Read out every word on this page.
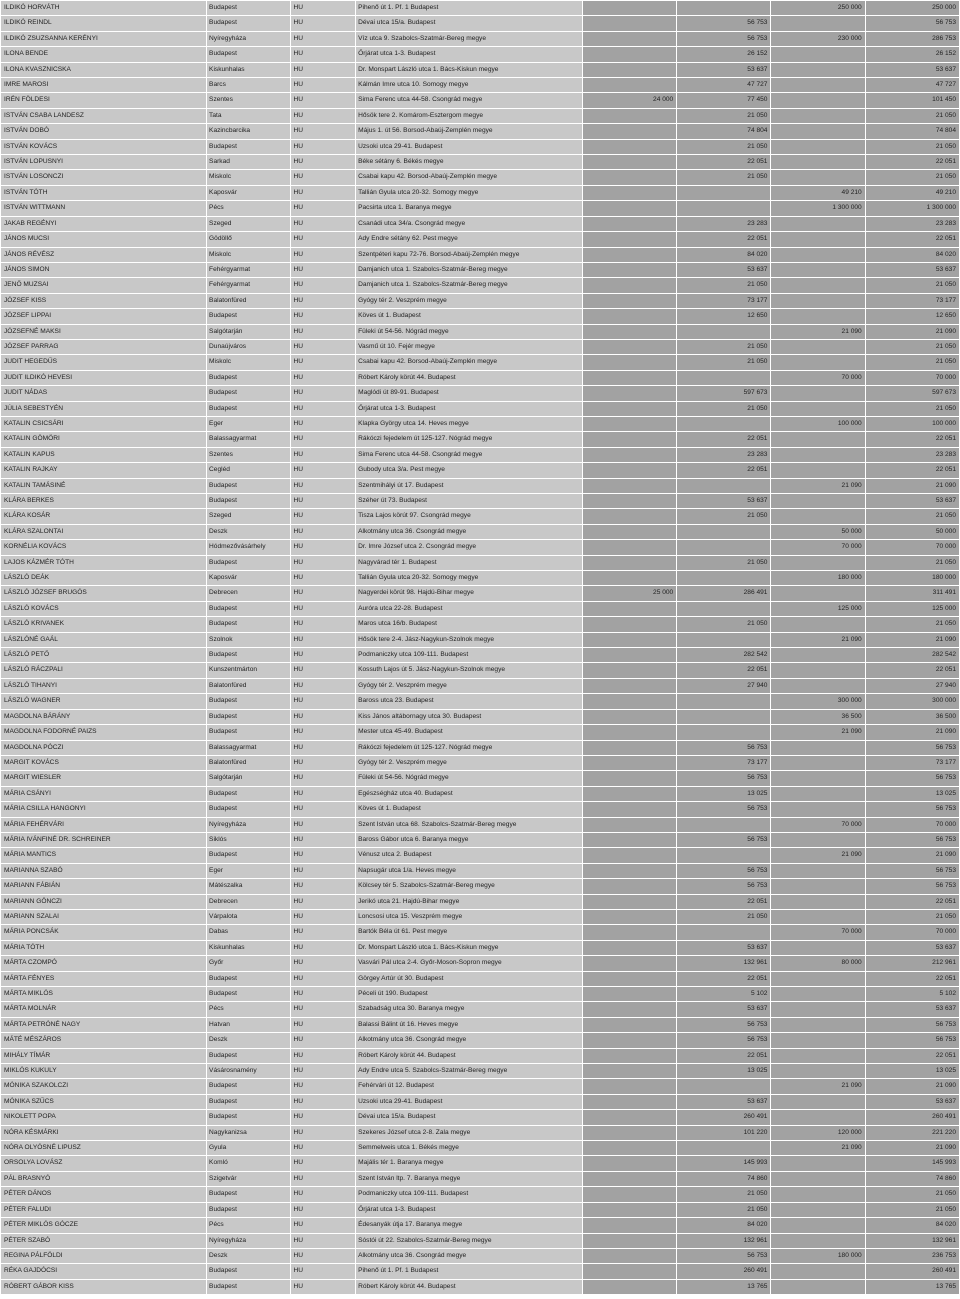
ILDIKÓ HORVÁTH	Budapest	HU	Pihenő út 1. Pf. 1 Budapest			250 000	250 000
ILDIKÓ REINDL	Budapest	HU	Dévai utca 15/a. Budapest		56 753		56 753
ILDIKÓ ZSUZSANNA KERÉNYI	Nyíregyháza	HU	Víz utca 9. Szabolcs-Szatmár-Bereg megye		56 753	230 000	286 753
ILONA BENDE	Budapest	HU	Őrjárat utca 1-3. Budapest		26 152		26 152
ILONA KVASZNICSKA	Kiskunhalas	HU	Dr. Monspart László utca 1. Bács-Kiskun megye		53 637		53 637
IMRE MAROSI	Barcs	HU	Kálmán Imre utca 10. Somogy megye		47 727		47 727
IRÉN FÖLDESI	Szentes	HU	Sima Ferenc utca 44-58. Csongrád megye	24 000	77 450		101 450
ISTVÁN CSABA LANDESZ	Tata	HU	Hősök tere 2. Komárom-Esztergom megye		21 050		21 050
ISTVÁN DOBÓ	Kazincbarcika	HU	Május 1. út 56. Borsod-Abaúj-Zemplén megye		74 804		74 804
ISTVÁN KOVÁCS	Budapest	HU	Uzsoki utca 29-41. Budapest		21 050		21 050
ISTVÁN LOPUSNYI	Sarkad	HU	Béke sétány 6. Békés megye		22 051		22 051
ISTVÁN LOSONCZI	Miskolc	HU	Csabai kapu 42. Borsod-Abaúj-Zemplén megye		21 050		21 050
ISTVÁN TÓTH	Kaposvár	HU	Tallián Gyula utca 20-32. Somogy megye			49 210	49 210
ISTVÁN WITTMANN	Pécs	HU	Pacsirta utca 1. Baranya megye			1 300 000	1 300 000
JAKAB REGÉNYI	Szeged	HU	Csanádi utca 34/a. Csongrád megye		23 283		23 283
JÁNOS MUCSI	Gödöllő	HU	Ady Endre sétány 62. Pest megye		22 051		22 051
JÁNOS RÉVÉSZ	Miskolc	HU	Szentpéteri kapu 72-76. Borsod-Abaúj-Zemplén megye		84 020		84 020
JÁNOS SIMON	Fehérgyarmat	HU	Damjanich utca 1. Szabolcs-Szatmár-Bereg megye		53 637		53 637
JENŐ MUZSAI	Fehérgyarmat	HU	Damjanich utca 1. Szabolcs-Szatmár-Bereg megye		21 050		21 050
JÓZSEF KISS	Balatonfüred	HU	Gyógy tér 2. Veszprém megye		73 177		73 177
JÓZSEF LIPPAI	Budapest	HU	Köves út 1. Budapest		12 650		12 650
JÓZSEFNÉ MAKSI	Salgótarján	HU	Füleki út 54-56. Nógrád megye			21 090	21 090
JÓZSEF PARRAG	Dunaújváros	HU	Vasmű út 10. Fejér megye		21 050		21 050
JUDIT HEGEDŰS	Miskolc	HU	Csabai kapu 42. Borsod-Abaúj-Zemplén megye		21 050		21 050
JUDIT ILDIKÓ HEVESI	Budapest	HU	Róbert Károly körút 44. Budapest			70 000	70 000
JUDIT NÁDAS	Budapest	HU	Maglódi út 89-91. Budapest		597 673		597 673
JÚLIA SEBESTYÉN	Budapest	HU	Őrjárat utca 1-3. Budapest		21 050		21 050
KATALIN CSICSÁRI	Eger	HU	Klapka György utca 14. Heves megye			100 000	100 000
KATALIN GÖMÖRI	Balassagyarmat	HU	Rákóczi fejedelem út 125-127. Nógrád megye		22 051		22 051
KATALIN KAPUS	Szentes	HU	Sima Ferenc utca 44-58. Csongrád megye		23 283		23 283
KATALIN RAJKAY	Cegléd	HU	Gubody utca 3/a. Pest megye		22 051		22 051
KATALIN TAMÁSINÉ	Budapest	HU	Szentmihályi út 17. Budapest			21 090	21 090
KLÁRA BERKES	Budapest	HU	Széher út 73. Budapest		53 637		53 637
KLÁRA KOSÁR	Szeged	HU	Tisza Lajos körút 97. Csongrád megye		21 050		21 050
KLÁRA SZALONTAI	Deszk	HU	Alkotmány utca 36. Csongrád megye			50 000	50 000
KORNÉLIA KOVÁCS	Hódmezővásárhely	HU	Dr. Imre József utca 2. Csongrád megye			70 000	70 000
LAJOS KÁZMÉR TÓTH	Budapest	HU	Nagyvárad tér 1. Budapest		21 050		21 050
LÁSZLÓ DEÁK	Kaposvár	HU	Tallián Gyula utca 20-32. Somogy megye			180 000	180 000
LÁSZLÓ JÓZSEF BRUGÓS	Debrecen	HU	Nagyerdei körút 98. Hajdú-Bihar megye	25 000	286 491		311 491
LÁSZLÓ KOVÁCS	Budapest	HU	Auróra utca 22-28. Budapest			125 000	125 000
LÁSZLÓ KRIVANEK	Budapest	HU	Maros utca 16/b. Budapest		21 050		21 050
LÁSZLÓNÉ GAÁL	Szolnok	HU	Hősök tere 2-4. Jász-Nagykun-Szolnok megye			21 090	21 090
LÁSZLÓ PETŐ	Budapest	HU	Podmaniczky utca 109-111. Budapest		282 542		282 542
LÁSZLÓ RÁCZPALI	Kunszentmárton	HU	Kossuth Lajos út 5. Jász-Nagykun-Szolnok megye		22 051		22 051
LÁSZLÓ TIHANYI	Balatonfüred	HU	Gyógy tér 2. Veszprém megye		27 940		27 940
LÁSZLÓ WAGNER	Budapest	HU	Baross utca 23. Budapest			300 000	300 000
MAGDOLNA BÁRÁNY	Budapest	HU	Kiss János altábornagy utca 30. Budapest			36 500	36 500
MAGDOLNA FODORNÉ PAIZS	Budapest	HU	Mester utca 45-49. Budapest			21 090	21 090
MAGDOLNA PÓCZI	Balassagyarmat	HU	Rákóczi fejedelem út 125-127. Nógrád megye		56 753		56 753
MARGIT KOVÁCS	Balatonfüred	HU	Gyógy tér 2. Veszprém megye		73 177		73 177
MARGIT WIESLER	Salgótarján	HU	Füleki út 54-56. Nógrád megye		56 753		56 753
MÁRIA CSÁNYI	Budapest	HU	Egészségház utca 40. Budapest		13 025		13 025
MÁRIA CSILLA HANGONYI	Budapest	HU	Köves út 1. Budapest		56 753		56 753
MÁRIA FEHÉRVÁRI	Nyíregyháza	HU	Szent István utca 68. Szabolcs-Szatmár-Bereg megye			70 000	70 000
MÁRIA IVÁNFINÉ DR. SCHREINER	Siklós	HU	Baross Gábor utca 6. Baranya megye		56 753		56 753
MÁRIA MANTICS	Budapest	HU	Vénusz utca 2. Budapest			21 090	21 090
MARIANNA SZABÓ	Eger	HU	Napsugár utca 1/a. Heves megye		56 753		56 753
MARIANN FÁBIÁN	Mátészalka	HU	Kölcsey tér 5. Szabolcs-Szatmár-Bereg megye		56 753		56 753
MARIANN GÖNCZI	Debrecen	HU	Jerikó utca 21. Hajdú-Bihar megye		22 051		22 051
MARIANN SZALAI	Várpalota	HU	Loncsosi utca 15. Veszprém megye		21 050		21 050
MÁRIA PONCSÁK	Dabas	HU	Bartók Béla út 61. Pest megye			70 000	70 000
MÁRIA TÓTH	Kiskunhalas	HU	Dr. Monspart László utca 1. Bács-Kiskun megye		53 637		53 637
MÁRTA CZOMPÓ	Győr	HU	Vasvári Pál utca 2-4. Győr-Moson-Sopron megye		132 961	80 000	212 961
MÁRTA FÉNYES	Budapest	HU	Görgey Artúr út 30. Budapest		22 051		22 051
MÁRTA MIKLÓS	Budapest	HU	Péceli út 190. Budapest		5 102		5 102
MÁRTA MOLNÁR	Pécs	HU	Szabadság utca 30. Baranya megye		53 637		53 637
MÁRTA PETRÓNÉ NAGY	Hatvan	HU	Balassi Bálint út 16. Heves megye		56 753		56 753
MÁTÉ MÉSZÁROS	Deszk	HU	Alkotmány utca 36. Csongrád megye		56 753		56 753
MIHÁLY TÍMÁR	Budapest	HU	Róbert Károly körút 44. Budapest		22 051		22 051
MIKLÓS KUKULY	Vásárosnamény	HU	Ady Endre utca 5. Szabolcs-Szatmár-Bereg megye		13 025		13 025
MÓNIKA SZAKOLCZI	Budapest	HU	Fehérvári út 12. Budapest			21 090	21 090
MÓNIKA SZŰCS	Budapest	HU	Uzsoki utca 29-41. Budapest		53 637		53 637
NIKOLETT POPA	Budapest	HU	Dévai utca 15/a. Budapest		260 491		260 491
NÓRA KÉSMÁRKI	Nagykanizsa	HU	Szekeres József utca 2-8. Zala megye		101 220	120 000	221 220
NÓRA OLYÓSNÉ LIPUSZ	Gyula	HU	Semmelweis utca 1. Békés megye			21 090	21 090
ORSOLYA LOVÁSZ	Komló	HU	Majális tér 1. Baranya megye		145 993		145 993
PÁL BRASNYÓ	Szigetvár	HU	Szent István ltp. 7. Baranya megye		74 860		74 860
PÉTER DÁNOS	Budapest	HU	Podmaniczky utca 109-111. Budapest		21 050		21 050
PÉTER FALUDI	Budapest	HU	Őrjárat utca 1-3. Budapest		21 050		21 050
PÉTER MIKLÓS GÓCZE	Pécs	HU	Édesanyák útja 17. Baranya megye		84 020		84 020
PÉTER SZABÓ	Nyíregyháza	HU	Sóstói út 22. Szabolcs-Szatmár-Bereg megye		132 961		132 961
REGINA PÁLFÖLDI	Deszk	HU	Alkotmány utca 36. Csongrád megye		56 753	180 000	236 753
RÉKA GAJDÓCSI	Budapest	HU	Pihenő út 1. Pf. 1 Budapest		260 491		260 491
RÓBERT GÁBOR KISS	Budapest	HU	Róbert Károly körút 44. Budapest		13 765		13 765
